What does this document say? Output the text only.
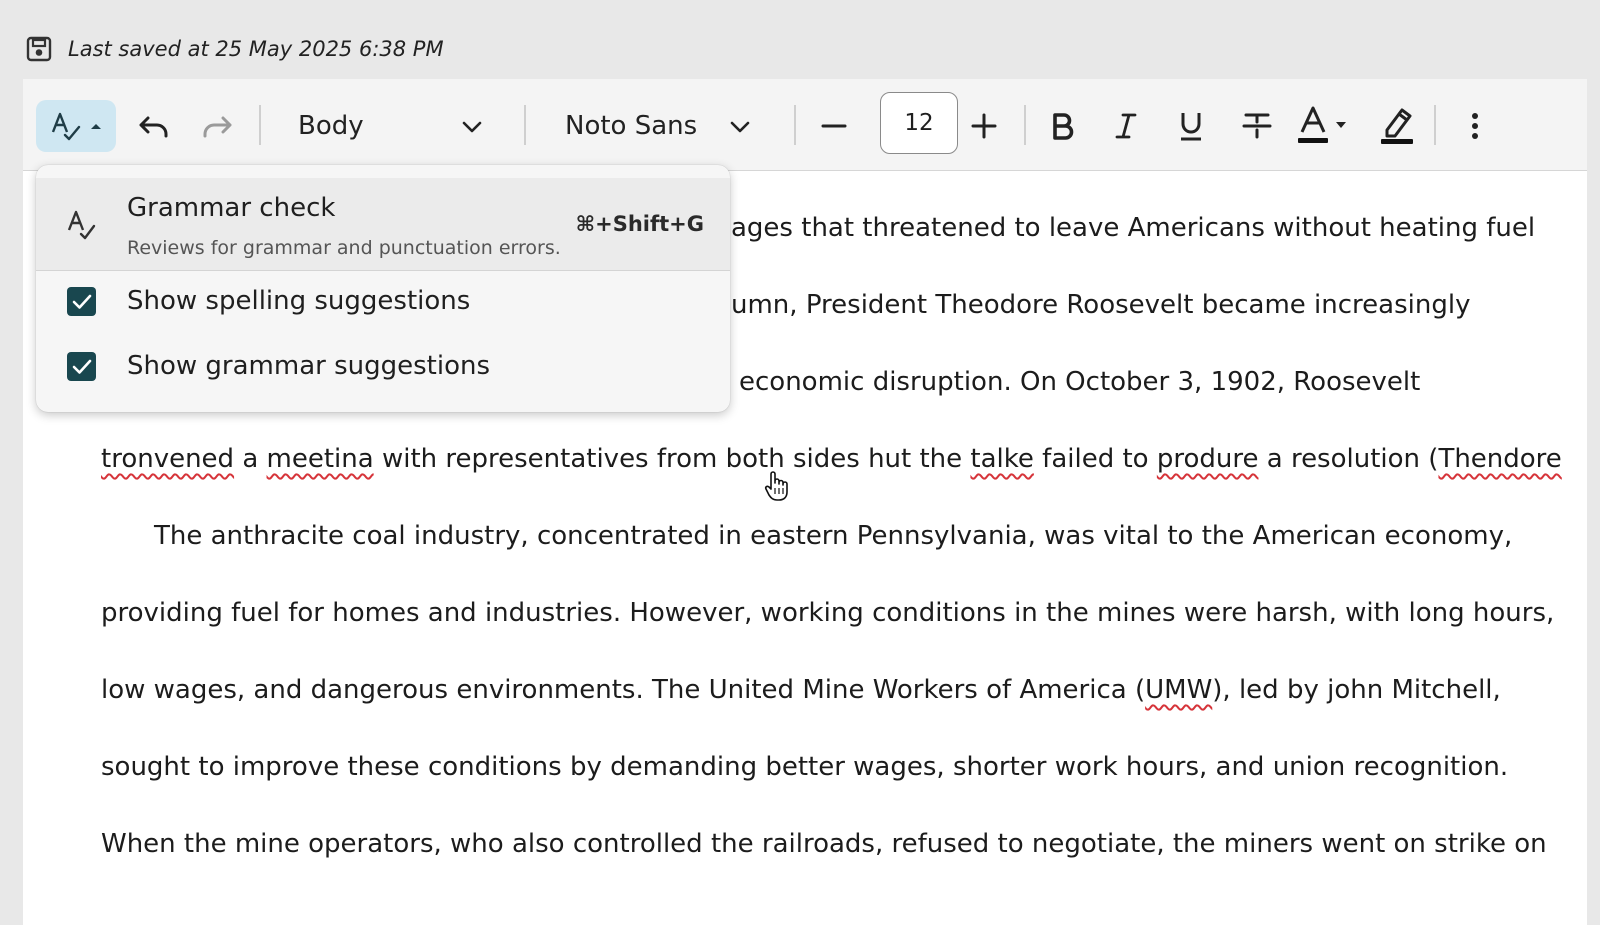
Last saved at 25 May 2025 6:38 PM
ages that threatened to leave Americans without heating fuel
umn, President Theodore Roosevelt became increasingly
economic disruption. On October 3, 1902, Roosevelt
tronvened a meetina with representatives from both sides hut the talke failed to produre a resolution (Thendore
The anthracite coal industry, concentrated in eastern Pennsylvania, was vital to the American economy,
providing fuel for homes and industries. However, working conditions in the mines were harsh, with long hours,
low wages, and dangerous environments. The United Mine Workers of America (UMW), led by john Mitchell,
sought to improve these conditions by demanding better wages, shorter work hours, and union recognition.
When the mine operators, who also controlled the railroads, refused to negotiate, the miners went on strike on
Body	Noto Sans	12
Grammar check
Reviews for grammar and punctuation errors.
⌘+Shift+G
Show spelling suggestions
Show grammar suggestions
